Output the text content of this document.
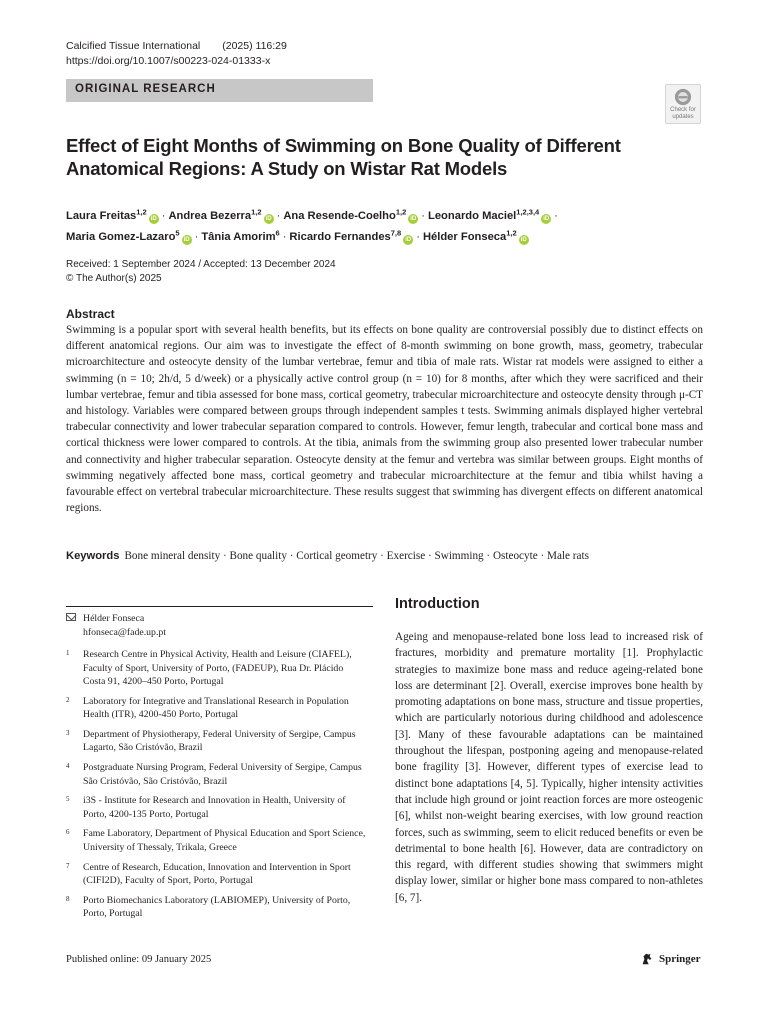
Calcified Tissue International (2025) 116:29
https://doi.org/10.1007/s00223-024-01333-x
ORIGINAL RESEARCH
Check for
updates
Effect of Eight Months of Swimming on Bone Quality of Different Anatomical Regions: A Study on Wistar Rat Models
Laura Freitas$^{1,2}$iD · Andrea Bezerra$^{1,2}$iD · Ana Resende-Coelho$^{1,2}$iD · Leonardo Maciel$^{1,2,3,4}$iD ·
Maria Gomez-Lazaro$^5$iD · Tânia Amorim$^6$ · Ricardo Fernandes$^{7,8}$iD · Hélder Fonseca$^{1,2}$iD
Received: 1 September 2024 / Accepted: 13 December 2024
© The Author(s) 2025
Abstract

Swimming is a popular sport with several health benefits, but its effects on bone quality are controversial possibly due to distinct effects on different anatomical regions. Our aim was to investigate the effect of 8-month swimming on bone growth, mass, geometry, trabecular microarchitecture and osteocyte density of the lumbar vertebrae, femur and tibia of male rats. Wistar rat models were assigned to either a swimming (n = 10; 2h/d, 5 d/week) or a physically active control group (n = 10) for 8 months, after which they were sacrificed and their lumbar vertebrae, femur and tibia assessed for bone mass, cortical geometry, trabecular microarchitecture and osteocyte density through μ-CT and histology. Variables were compared between groups through independent samples t tests. Swimming animals displayed higher vertebral trabecular connectivity and lower trabecular separation compared to controls. However, femur length, trabecular and cortical bone mass and cortical thickness were lower compared to controls. At the tibia, animals from the swimming group also presented lower trabecular number and connectivity and higher trabecular separation. Osteocyte density at the femur and vertebra was similar between groups. Eight months of swimming negatively affected bone mass, cortical geometry and trabecular microarchitecture at the femur and tibia whilst having a favourable effect on vertebral trabecular microarchitecture. These results suggest that swimming has divergent effects on different anatomical regions.

Keywords Bone mineral density · Bone quality · Cortical geometry · Exercise · Swimming · Osteocyte · Male rats
Hélder Fonseca
hfonseca@fade.up.pt
1	Research Centre in Physical Activity, Health and Leisure (CIAFEL), Faculty of Sport, University of Porto, (FADEUP), Rua Dr. Plácido Costa 91, 4200–450 Porto, Portugal
2	Laboratory for Integrative and Translational Research in Population Health (ITR), 4200-450 Porto, Portugal
3	Department of Physiotherapy, Federal University of Sergipe, Campus Lagarto, São Cristóvão, Brazil
4	Postgraduate Nursing Program, Federal University of Sergipe, Campus São Cristóvão, São Cristóvão, Brazil
5	i3S - Institute for Research and Innovation in Health, University of Porto, 4200-135 Porto, Portugal
6	Fame Laboratory, Department of Physical Education and Sport Science, University of Thessaly, Trikala, Greece
7	Centre of Research, Education, Innovation and Intervention in Sport (CIFI2D), Faculty of Sport, Porto, Portugal
8	Porto Biomechanics Laboratory (LABIOMEP), University of Porto, Porto, Portugal
Introduction

Ageing and menopause-related bone loss lead to increased risk of fractures, morbidity and premature mortality [1]. Prophylactic strategies to maximize bone mass and reduce ageing-related bone loss are determinant [2]. Overall, exercise improves bone health by promoting adaptations on bone mass, structure and tissue properties, which are particularly notorious during childhood and adolescence [3]. Many of these favourable adaptations can be maintained throughout the lifespan, postponing ageing and menopause-related bone fragility [3]. However, different types of exercise lead to distinct bone adaptations [4, 5]. Typically, higher intensity activities that include high ground or joint reaction forces are more osteogenic [6], whilst non-weight bearing exercises, with low ground reaction forces, such as swimming, seem to elicit reduced benefits or even be detrimental to bone health [6]. However, data are contradictory on this regard, with different studies showing that swimmers might display lower, similar or higher bone mass compared to non-athletes [6, 7].

Published online: 09 January 2025	Springer
